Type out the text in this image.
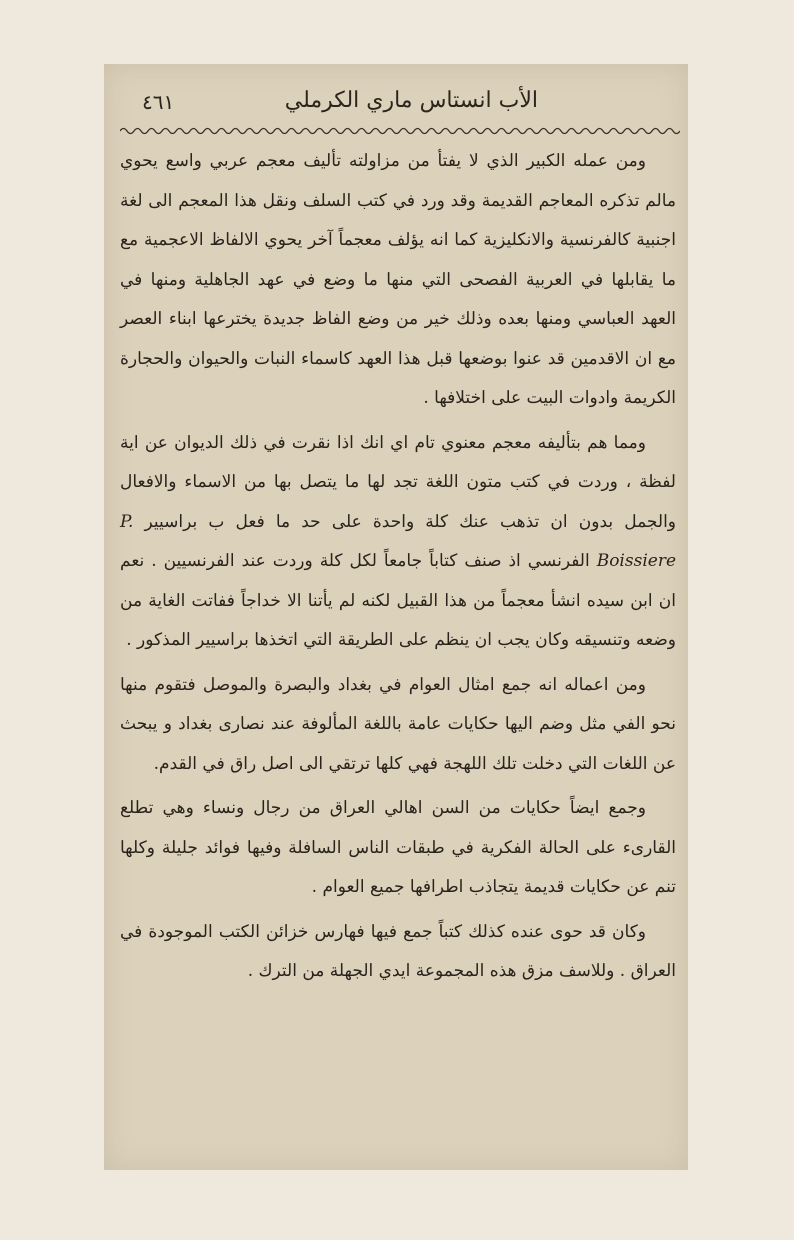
الأب انستاس ماري الكرملي
٤٦١

ومن عمله الكبير الذي لا يفتأ من مزاولته تأليف معجم عربي واسع يحوي مالم تذكره المعاجم القديمة وقد ورد في كتب السلف ونقل هذا المعجم الى لغة اجنبية كالفرنسية والانكليزية كما انه يؤلف معجماً آخر يحوي الالفاظ الاعجمية مع ما يقابلها في العربية الفصحى التي منها ما وضع في عهد الجاهلية ومنها في العهد العباسي ومنها بعده وذلك خير من وضع الفاظ جديدة يخترعها ابناء العصر مع ان الاقدمين قد عنوا بوضعها قبل هذا العهد كاسماء النبات والحيوان والحجارة الكريمة وادوات البيت على اختلافها .

ومما هم بتأليفه معجم معنوي تام اي انك اذا نقرت في ذلك الديوان عن اية لفظة ، وردت في كتب متون اللغة تجد لها ما يتصل بها من الاسماء والافعال والجمل بدون ان تذهب عنك كلة واحدة على حد ما فعل ب براسيير P. Boissiere الفرنسي اذ صنف كتاباً جامعاً لكل كلة وردت عند الفرنسيين . نعم ان ابن سيده انشأ معجماً من هذا القبيل لكنه لم يأتنا الا خداجاً ففاتت الغاية من وضعه وتنسيقه وكان يجب ان ينظم على الطريقة التي اتخذها براسيير المذكور .

ومن اعماله انه جمع امثال العوام في بغداد والبصرة والموصل فتقوم منها نحو الفي مثل وضم اليها حكايات عامة باللغة المألوفة عند نصارى بغداد و يبحث عن اللغات التي دخلت تلك اللهجة فهي كلها ترتقي الى اصل راق في القدم.

وجمع ايضاً حكايات من السن اهالي العراق من رجال ونساء وهي تطلع القارىء على الحالة الفكرية في طبقات الناس السافلة وفيها فوائد جليلة وكلها تنم عن حكايات قديمة يتجاذب اطرافها جميع العوام .

وكان قد حوى عنده كذلك كتباً جمع فيها فهارس خزائن الكتب الموجودة في العراق . وللاسف مزق هذه المجموعة ايدي الجهلة من الترك .
